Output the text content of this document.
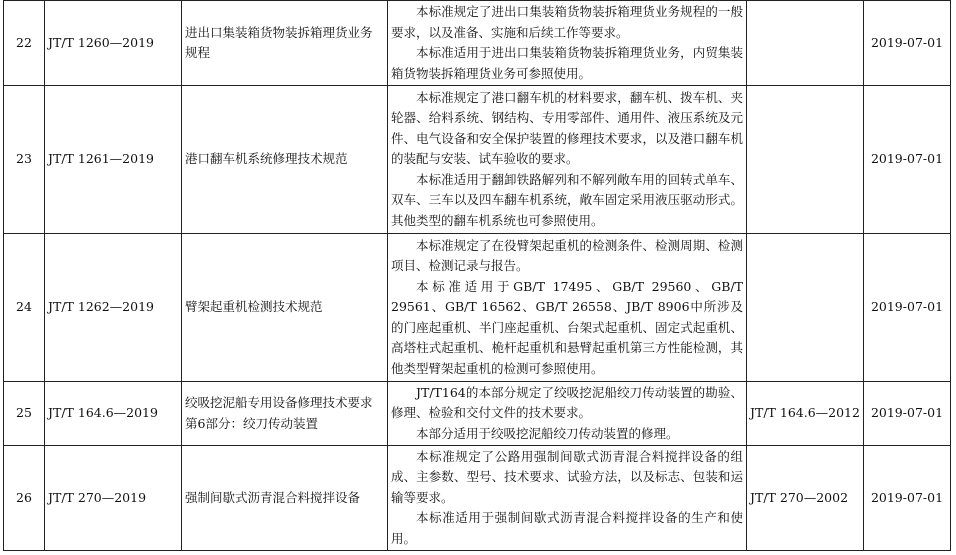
22	JT/T 1260—2019	进出口集装箱货物装拆箱理货业务规程	本标准规定了进出口集装箱货物装拆箱理货业务规程的一般要求，以及准备、实施和后续工作等要求。

本标准适用于进出口集装箱货物装拆箱理货业务，内贸集装箱货物装拆箱理货业务可参照使用。		2019-07-01
23	JT/T 1261—2019	港口翻车机系统修理技术规范	本标准规定了港口翻车机的材料要求，翻车机、拨车机、夹轮器、给料系统、钢结构、专用零部件、通用件、液压系统及元件、电气设备和安全保护装置的修理技术要求，以及港口翻车机的装配与安装、试车验收的要求。

本标准适用于翻卸铁路解列和不解列敞车用的回转式单车、双车、三车以及四车翻车机系统，敞车固定采用液压驱动形式。其他类型的翻车机系统也可参照使用。		2019-07-01
24	JT/T 1262—2019	臂架起重机检测技术规范	本标准规定了在役臂架起重机的检测条件、检测周期、检测项目、检测记录与报告。

本标准适用于GB/T 17495、GB/T 29560、GB/T 29561、GB/T 16562、GB/T 26558、JB/T 8906中所涉及的门座起重机、半门座起重机、台架式起重机、固定式起重机、高塔柱式起重机、桅杆起重机和悬臂起重机第三方性能检测，其他类型臂架起重机的检测可参照使用。		2019-07-01
25	JT/T 164.6—2019	绞吸挖泥船专用设备修理技术要求 第6部分：绞刀传动装置	JT/T164的本部分规定了绞吸挖泥船绞刀传动装置的勘验、修理、检验和交付文件的技术要求。

本部分适用于绞吸挖泥船绞刀传动装置的修理。	JT/T 164.6—2012	2019-07-01
26	JT/T 270—2019	强制间歇式沥青混合料搅拌设备	本标准规定了公路用强制间歇式沥青混合料搅拌设备的组成、主参数、型号、技术要求、试验方法，以及标志、包装和运输等要求。

本标准适用于强制间歇式沥青混合料搅拌设备的生产和使用。	JT/T 270—2002	2019-07-01
